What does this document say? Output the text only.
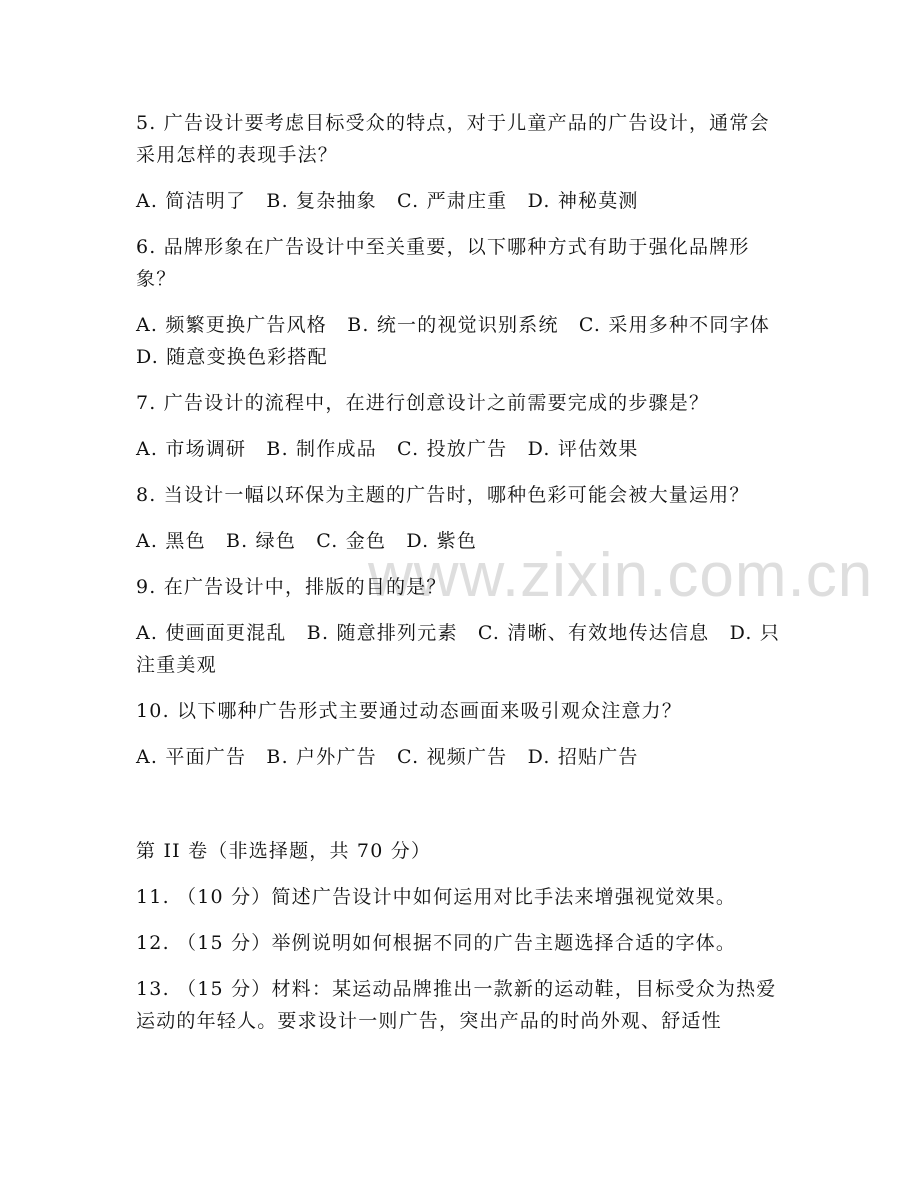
www.zixin.com.cn

5. 广告设计要考虑目标受众的特点，对于儿童产品的广告设计，通常会采用怎样的表现手法？

A. 简洁明了　B. 复杂抽象　C. 严肃庄重　D. 神秘莫测

6. 品牌形象在广告设计中至关重要，以下哪种方式有助于强化品牌形象？

A. 频繁更换广告风格　B. 统一的视觉识别系统　C. 采用多种不同字体　D. 随意变换色彩搭配

7. 广告设计的流程中，在进行创意设计之前需要完成的步骤是？

A. 市场调研　B. 制作成品　C. 投放广告　D. 评估效果

8. 当设计一幅以环保为主题的广告时，哪种色彩可能会被大量运用？

A. 黑色　B. 绿色　C. 金色　D. 紫色

9. 在广告设计中，排版的目的是？

A. 使画面更混乱　B. 随意排列元素　C. 清晰、有效地传达信息　D. 只注重美观

10. 以下哪种广告形式主要通过动态画面来吸引观众注意力？

A. 平面广告　B. 户外广告　C. 视频广告　D. 招贴广告

第 II 卷（非选择题，共 70 分）

11. （10 分）简述广告设计中如何运用对比手法来增强视觉效果。

12. （15 分）举例说明如何根据不同的广告主题选择合适的字体。

13. （15 分）材料：某运动品牌推出一款新的运动鞋，目标受众为热爱运动的年轻人。要求设计一则广告，突出产品的时尚外观、舒适性
